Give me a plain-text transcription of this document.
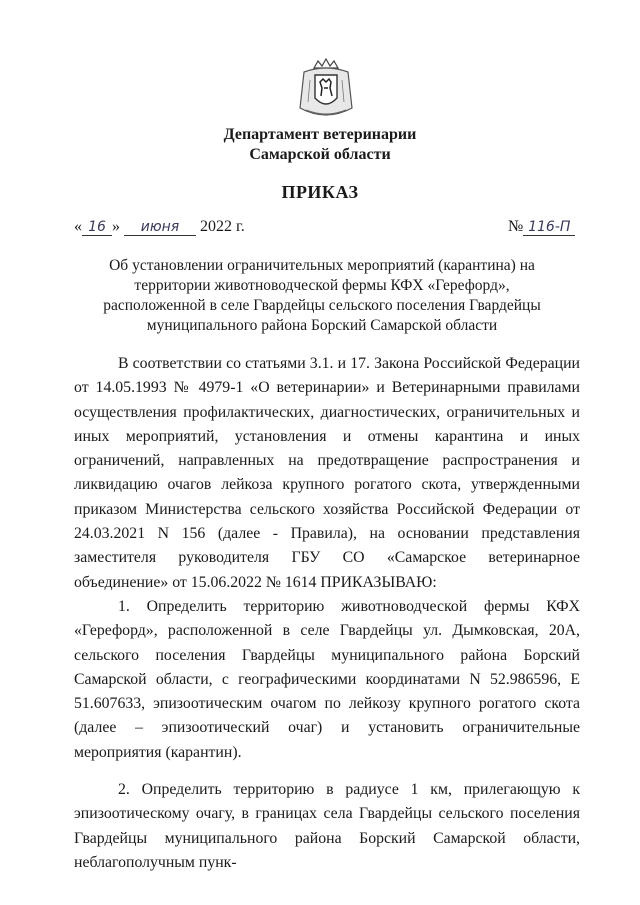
Департамент ветеринарии
Самарской области
ПРИКАЗ
« 16 » июня 2022 г.	№ 116-П
Об установлении ограничительных мероприятий (карантина) на территории животноводческой фермы КФХ «Герефорд», расположенной в селе Гвардейцы сельского поселения Гвардейцы муниципального района Борский Самарской области

В соответствии со статьями 3.1. и 17. Закона Российской Федерации от 14.05.1993 № 4979-1 «О ветеринарии» и Ветеринарными правилами осуществления профилактических, диагностических, ограничительных и иных мероприятий, установления и отмены карантина и иных ограничений, направленных на предотвращение распространения и ликвидацию очагов лейкоза крупного рогатого скота, утвержденными приказом Министерства сельского хозяйства Российской Федерации от 24.03.2021 N 156 (далее - Правила), на основании представления заместителя руководителя ГБУ СО «Самарское ветеринарное объединение» от 15.06.2022 № 1614 ПРИКАЗЫВАЮ:

1. Определить территорию животноводческой фермы КФХ «Герефорд», расположенной в селе Гвардейцы ул. Дымковская, 20А, сельского поселения Гвардейцы муниципального района Борский Самарской области, с географическими координатами N 52.986596, E 51.607633, эпизоотическим очагом по лейкозу крупного рогатого скота (далее – эпизоотический очаг) и установить ограничительные мероприятия (карантин).

2. Определить территорию в радиусе 1 км, прилегающую к эпизоотическому очагу, в границах села Гвардейцы сельского поселения Гвардейцы муниципального района Борский Самарской области, неблагополучным пунк-
